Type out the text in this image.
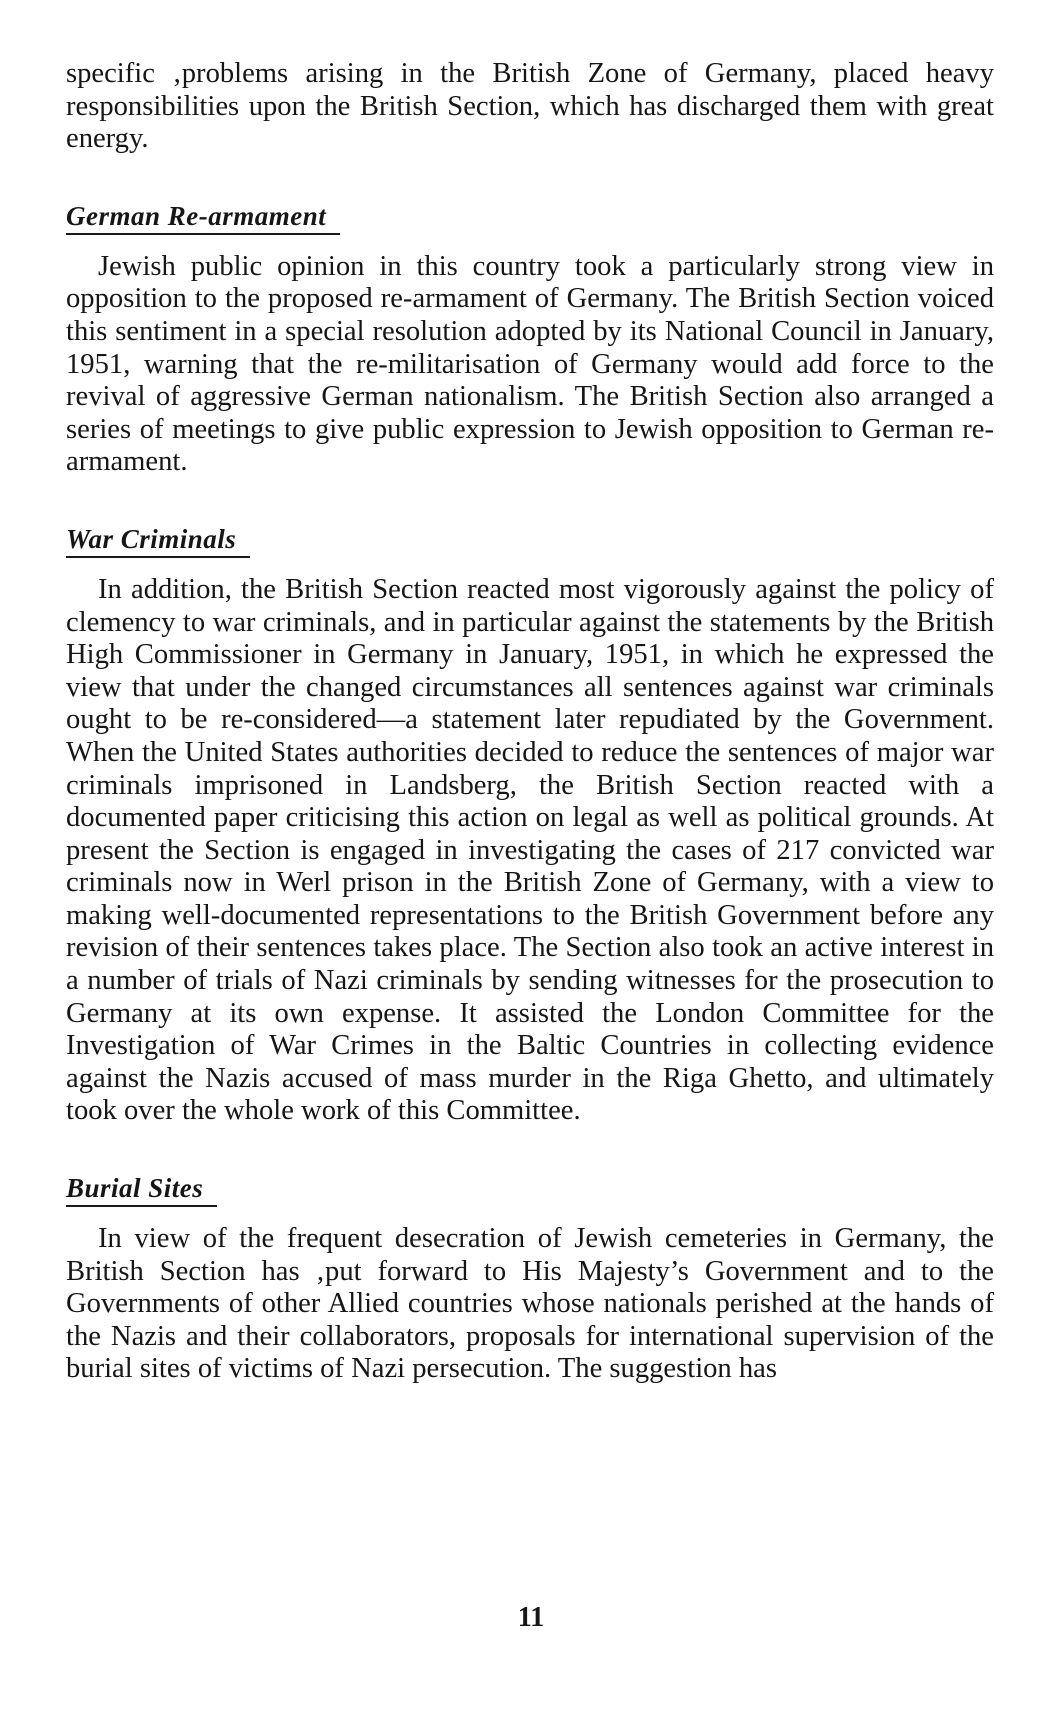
specific ‚problems arising in the British Zone of Germany, placed heavy responsibilities upon the British Section, which has discharged them with great energy.

German Re-armament

Jewish public opinion in this country took a particularly strong view in opposition to the proposed re-armament of Germany. The British Section voiced this sentiment in a special resolution adopted by its National Council in January, 1951, warning that the re-militarisation of Germany would add force to the revival of aggressive German nationalism. The British Section also arranged a series of meetings to give public expression to Jewish opposition to German re-armament.

War Criminals

In addition, the British Section reacted most vigorously against the policy of clemency to war criminals, and in particular against the statements by the British High Commissioner in Germany in January, 1951, in which he expressed the view that under the changed circumstances all sentences against war criminals ought to be re-considered—a statement later repudiated by the Government. When the United States authorities decided to reduce the sentences of major war criminals imprisoned in Landsberg, the British Section reacted with a documented paper criticising this action on legal as well as political grounds. At present the Section is engaged in investigating the cases of 217 convicted war criminals now in Werl prison in the British Zone of Germany, with a view to making well-documented representations to the British Government before any revision of their sentences takes place. The Section also took an active interest in a number of trials of Nazi criminals by sending witnesses for the prosecution to Germany at its own expense. It assisted the London Committee for the Investigation of War Crimes in the Baltic Countries in collecting evidence against the Nazis accused of mass murder in the Riga Ghetto, and ultimately took over the whole work of this Committee.

Burial Sites

In view of the frequent desecration of Jewish cemeteries in Germany, the British Section has ‚put forward to His Majesty’s Government and to the Governments of other Allied countries whose nationals perished at the hands of the Nazis and their collaborators, proposals for international supervision of the burial sites of victims of Nazi persecution. The suggestion has

11
